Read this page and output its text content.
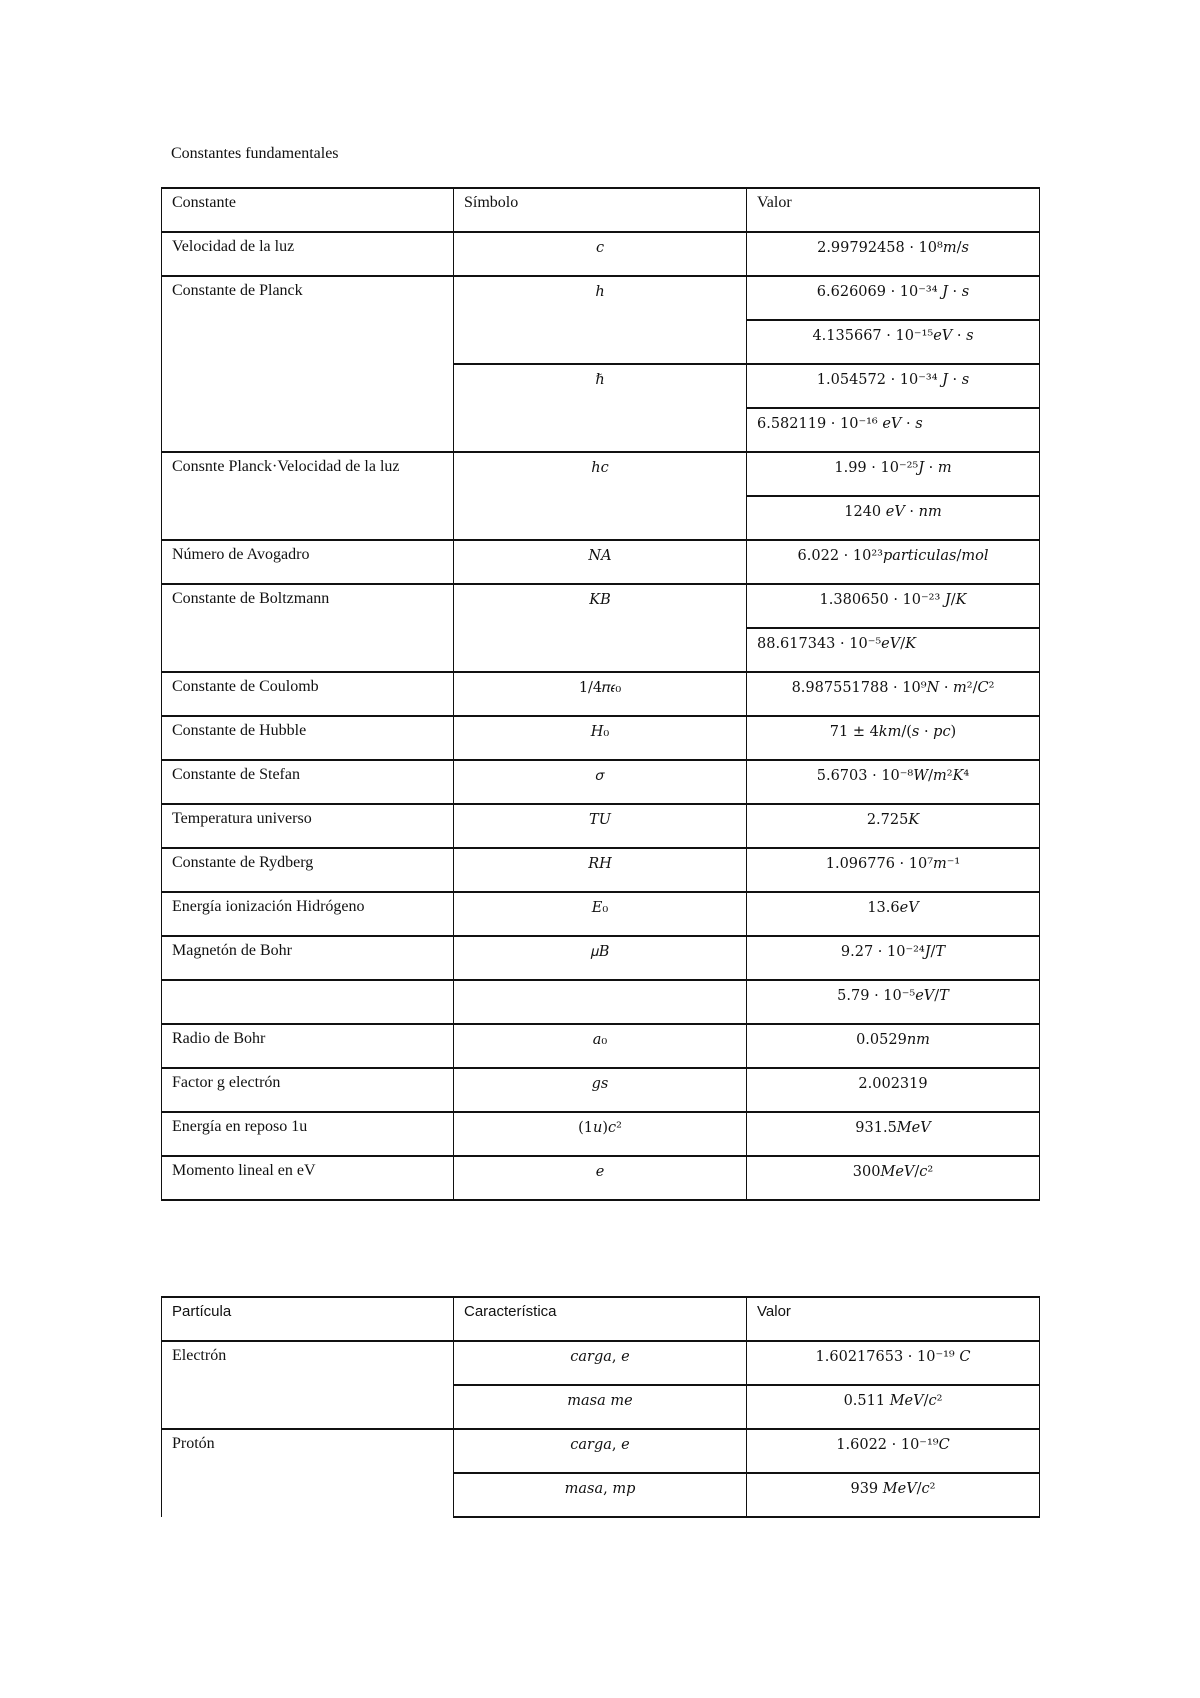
Constantes fundamentales
Constante	Símbolo	Valor
Velocidad de la luz	c	2.99792458 · 10⁸𝑚/𝑠
Constante de Planck	ℎ	6.626069 · 10⁻³⁴ 𝐽 · 𝑠
		4.135667 · 10⁻¹⁵𝑒𝑉 · 𝑠
	ℏ	1.054572 · 10⁻³⁴ 𝐽 · 𝑠
		6.582119 · 10⁻¹⁶ 𝑒𝑉 · 𝑠
Consnte Planck·Velocidad de la luz	ℎ𝑐	1.99 · 10⁻²⁵𝐽 · 𝑚
		1240 𝑒𝑉 · 𝑛𝑚
Número de Avogadro	𝑁𝐴	6.022 · 10²³𝑝𝑎𝑟𝑡𝑖𝑐𝑢𝑙𝑎𝑠/𝑚𝑜𝑙
Constante de Boltzmann	𝐾𝐵	1.380650 · 10⁻²³ 𝐽/𝐾
		88.617343 · 10⁻⁵𝑒𝑉/𝐾
Constante de Coulomb	1/4𝜋𝜖₀	8.987551788 · 10⁹𝑁 · 𝑚²/𝐶²
Constante de Hubble	𝐻₀	71 ± 4𝑘𝑚/(𝑠 · 𝑝𝑐)
Constante de Stefan	𝜎	5.6703 · 10⁻⁸𝑊/𝑚²𝐾⁴
Temperatura universo	𝑇𝑈	2.725𝐾
Constante de Rydberg	𝑅𝐻	1.096776 · 10⁷𝑚⁻¹
Energía ionización Hidrógeno	𝐸₀	13.6𝑒𝑉
Magnetón de Bohr	𝜇𝐵	9.27 · 10⁻²⁴𝐽/𝑇
		5.79 · 10⁻⁵𝑒𝑉/𝑇
Radio de Bohr	𝑎₀	0.0529𝑛𝑚
Factor g electrón	𝑔𝑠	2.002319
Energía en reposo 1u	(1𝑢)𝑐²	931.5𝑀𝑒𝑉
Momento lineal en eV	𝑒	300𝑀𝑒𝑉/𝑐²
Partícula	Característica	Valor
Electrón	𝑐𝑎𝑟𝑔𝑎, 𝑒	1.60217653 · 10⁻¹⁹ 𝐶
	𝑚𝑎𝑠𝑎 𝑚𝑒	0.511 𝑀𝑒𝑉/𝑐²
Protón	𝑐𝑎𝑟𝑔𝑎, 𝑒	1.6022 · 10⁻¹⁹𝐶
	𝑚𝑎𝑠𝑎, 𝑚𝑝	939 𝑀𝑒𝑉/𝑐²
